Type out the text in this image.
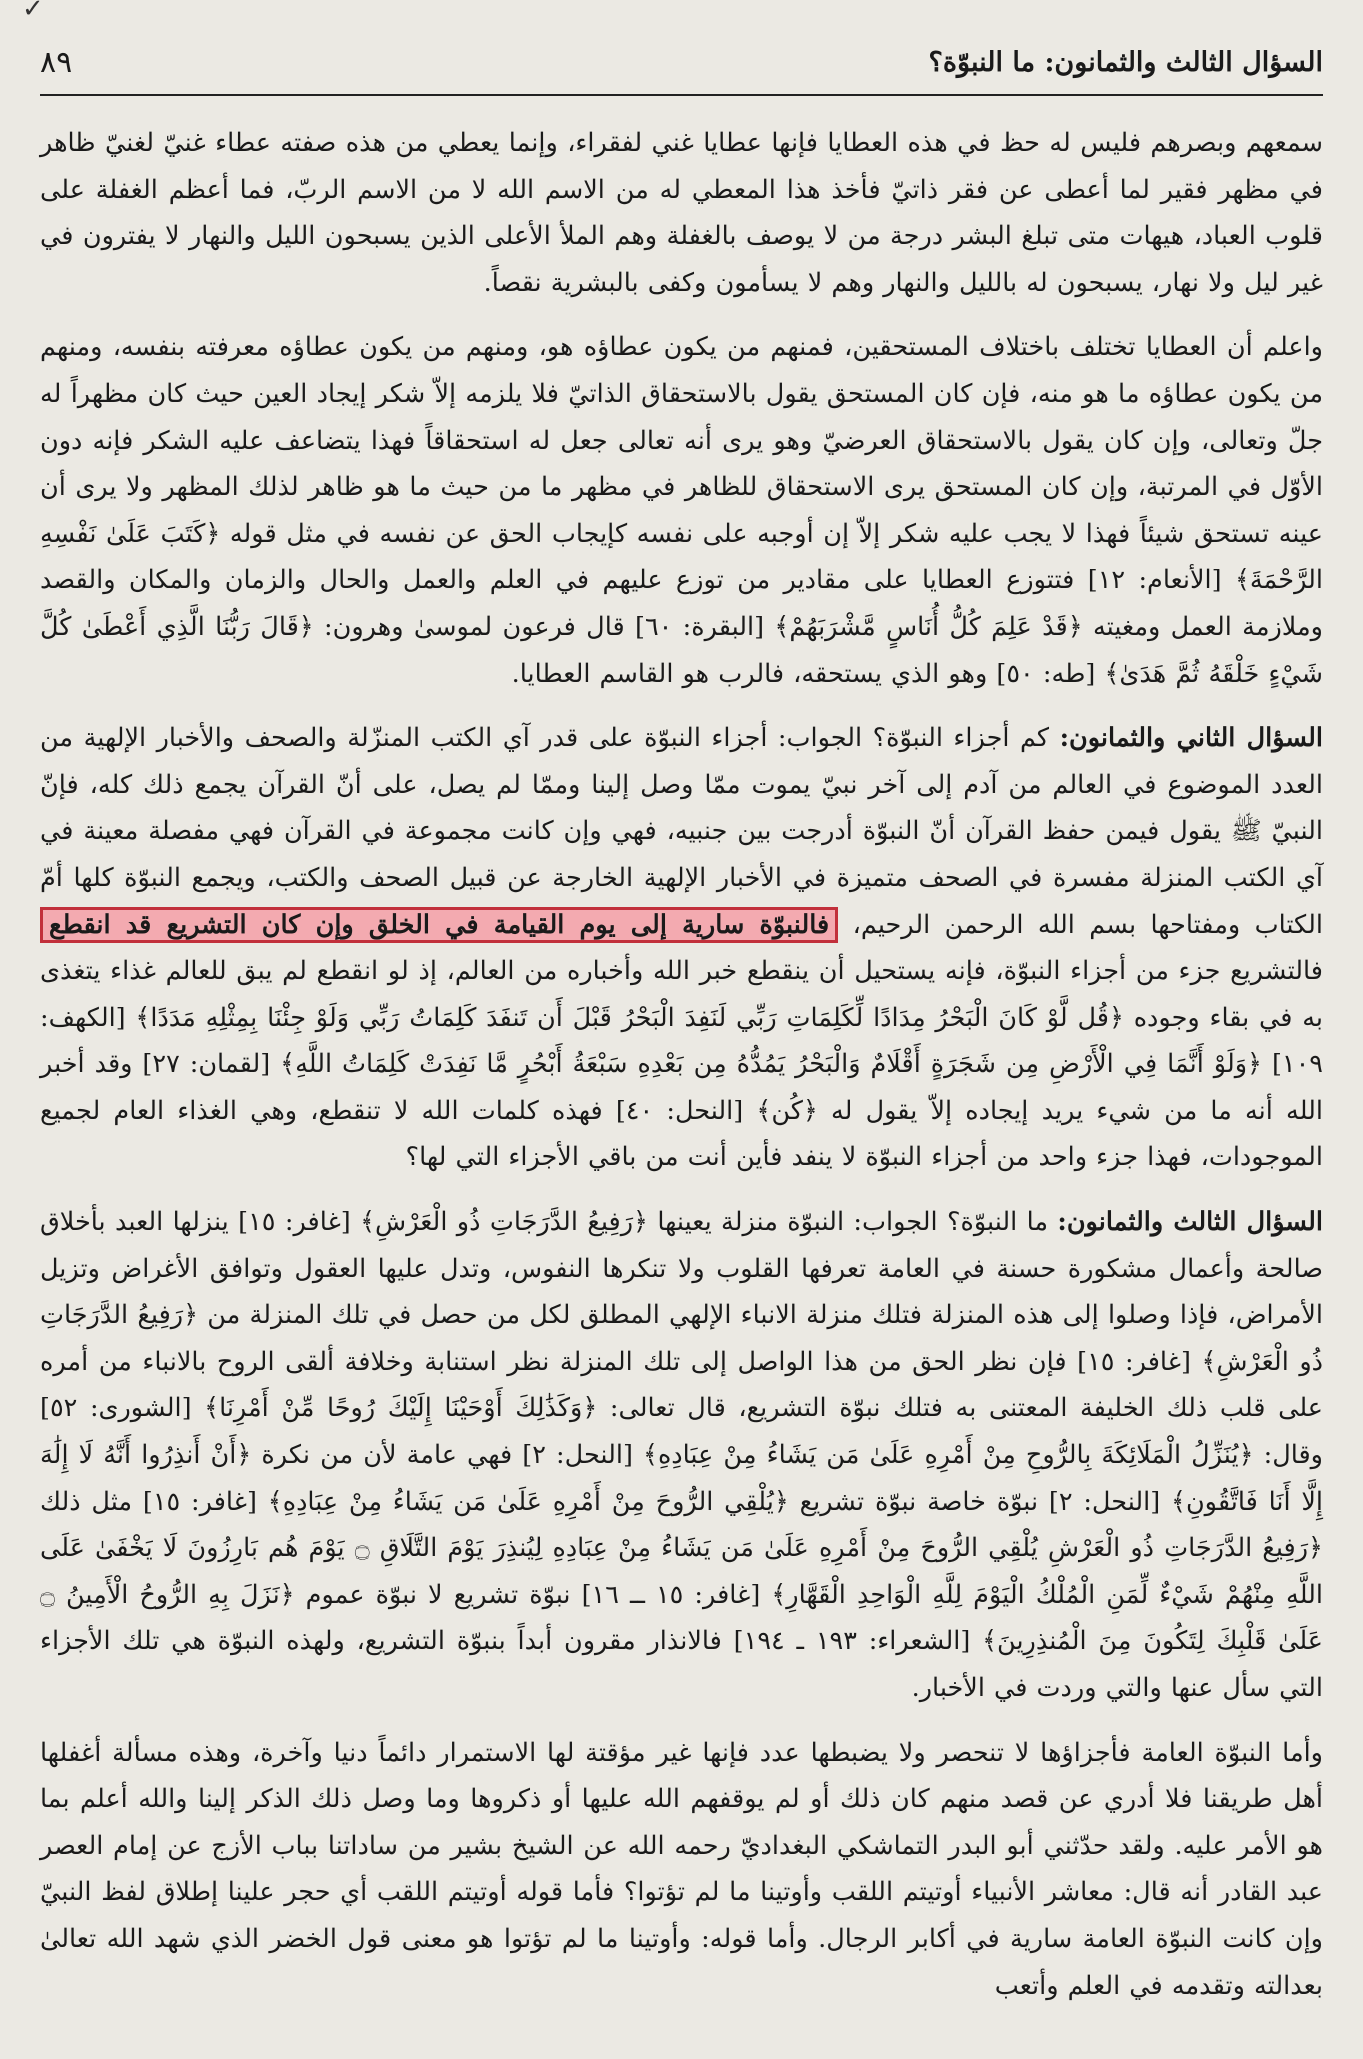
✓
السؤال الثالث والثمانون: ما النبوّة؟
٨٩

سمعهم وبصرهم فليس له حظ في هذه العطايا فإنها عطايا غني لفقراء، وإنما يعطي من هذه صفته عطاء غنيّ لغنيّ ظاهر في مظهر فقير لما أعطى عن فقر ذاتيّ فأخذ هذا المعطي له من الاسم الله لا من الاسم الربّ، فما أعظم الغفلة على قلوب العباد، هيهات متى تبلغ البشر درجة من لا يوصف بالغفلة وهم الملأ الأعلى الذين يسبحون الليل والنهار لا يفترون في غير ليل ولا نهار، يسبحون له بالليل والنهار وهم لا يسأمون وكفى بالبشرية نقصاً.

واعلم أن العطايا تختلف باختلاف المستحقين، فمنهم من يكون عطاؤه هو، ومنهم من يكون عطاؤه معرفته بنفسه، ومنهم من يكون عطاؤه ما هو منه، فإن كان المستحق يقول بالاستحقاق الذاتيّ فلا يلزمه إلاّ شكر إيجاد العين حيث كان مظهراً له جلّ وتعالى، وإن كان يقول بالاستحقاق العرضيّ وهو يرى أنه تعالى جعل له استحقاقاً فهذا يتضاعف عليه الشكر فإنه دون الأوّل في المرتبة، وإن كان المستحق يرى الاستحقاق للظاهر في مظهر ما من حيث ما هو ظاهر لذلك المظهر ولا يرى أن عينه تستحق شيئاً فهذا لا يجب عليه شكر إلاّ إن أوجبه على نفسه كإيجاب الحق عن نفسه في مثل قوله ﴿كَتَبَ عَلَىٰ نَفْسِهِ الرَّحْمَةَ﴾ [الأنعام: ١٢] فتتوزع العطايا على مقادير من توزع عليهم في العلم والعمل والحال والزمان والمكان والقصد وملازمة العمل ومغيته ﴿قَدْ عَلِمَ كُلُّ أُنَاسٍ مَّشْرَبَهُمْ﴾ [البقرة: ٦٠] قال فرعون لموسىٰ وهرون: ﴿قَالَ رَبُّنَا الَّذِي أَعْطَىٰ كُلَّ شَيْءٍ خَلْقَهُ ثُمَّ هَدَىٰ﴾ [طه: ٥٠] وهو الذي يستحقه، فالرب هو القاسم العطايا.

السؤال الثاني والثمانون: كم أجزاء النبوّة؟ الجواب: أجزاء النبوّة على قدر آي الكتب المنزّلة والصحف والأخبار الإلهية من العدد الموضوع في العالم من آدم إلى آخر نبيّ يموت ممّا وصل إلينا وممّا لم يصل، على أنّ القرآن يجمع ذلك كله، فإنّ النبيّ ﷺ يقول فيمن حفظ القرآن أنّ النبوّة أدرجت بين جنبيه، فهي وإن كانت مجموعة في القرآن فهي مفصلة معينة في آي الكتب المنزلة مفسرة في الصحف متميزة في الأخبار الإلهية الخارجة عن قبيل الصحف والكتب، ويجمع النبوّة كلها أمّ الكتاب ومفتاحها بسم الله الرحمن الرحيم، فالنبوّة سارية إلى يوم القيامة في الخلق وإن كان التشريع قد انقطع فالتشريع جزء من أجزاء النبوّة، فإنه يستحيل أن ينقطع خبر الله وأخباره من العالم، إذ لو انقطع لم يبق للعالم غذاء يتغذى به في بقاء وجوده ﴿قُل لَّوْ كَانَ الْبَحْرُ مِدَادًا لِّكَلِمَاتِ رَبِّي لَنَفِدَ الْبَحْرُ قَبْلَ أَن تَنفَدَ كَلِمَاتُ رَبِّي وَلَوْ جِئْنَا بِمِثْلِهِ مَدَدًا﴾ [الكهف: ١٠٩] ﴿وَلَوْ أَنَّمَا فِي الْأَرْضِ مِن شَجَرَةٍ أَقْلَامٌ وَالْبَحْرُ يَمُدُّهُ مِن بَعْدِهِ سَبْعَةُ أَبْحُرٍ مَّا نَفِدَتْ كَلِمَاتُ اللَّهِ﴾ [لقمان: ٢٧] وقد أخبر الله أنه ما من شيء يريد إيجاده إلاّ يقول له ﴿كُن﴾ [النحل: ٤٠] فهذه كلمات الله لا تنقطع، وهي الغذاء العام لجميع الموجودات، فهذا جزء واحد من أجزاء النبوّة لا ينفد فأين أنت من باقي الأجزاء التي لها؟

السؤال الثالث والثمانون: ما النبوّة؟ الجواب: النبوّة منزلة يعينها ﴿رَفِيعُ الدَّرَجَاتِ ذُو الْعَرْشِ﴾ [غافر: ١٥] ينزلها العبد بأخلاق صالحة وأعمال مشكورة حسنة في العامة تعرفها القلوب ولا تنكرها النفوس، وتدل عليها العقول وتوافق الأغراض وتزيل الأمراض، فإذا وصلوا إلى هذه المنزلة فتلك منزلة الانباء الإلهي المطلق لكل من حصل في تلك المنزلة من ﴿رَفِيعُ الدَّرَجَاتِ ذُو الْعَرْشِ﴾ [غافر: ١٥] فإن نظر الحق من هذا الواصل إلى تلك المنزلة نظر استنابة وخلافة ألقى الروح بالانباء من أمره على قلب ذلك الخليفة المعتنى به فتلك نبوّة التشريع، قال تعالى: ﴿وَكَذَٰلِكَ أَوْحَيْنَا إِلَيْكَ رُوحًا مِّنْ أَمْرِنَا﴾ [الشورى: ٥٢] وقال: ﴿يُنَزِّلُ الْمَلَائِكَةَ بِالرُّوحِ مِنْ أَمْرِهِ عَلَىٰ مَن يَشَاءُ مِنْ عِبَادِهِ﴾ [النحل: ٢] فهي عامة لأن من نكرة ﴿أَنْ أَنذِرُوا أَنَّهُ لَا إِلَٰهَ إِلَّا أَنَا فَاتَّقُونِ﴾ [النحل: ٢] نبوّة خاصة نبوّة تشريع ﴿يُلْقِي الرُّوحَ مِنْ أَمْرِهِ عَلَىٰ مَن يَشَاءُ مِنْ عِبَادِهِ﴾ [غافر: ١٥] مثل ذلك ﴿رَفِيعُ الدَّرَجَاتِ ذُو الْعَرْشِ يُلْقِي الرُّوحَ مِنْ أَمْرِهِ عَلَىٰ مَن يَشَاءُ مِنْ عِبَادِهِ لِيُنذِرَ يَوْمَ التَّلَاقِ ۝ يَوْمَ هُم بَارِزُونَ لَا يَخْفَىٰ عَلَى اللَّهِ مِنْهُمْ شَيْءٌ لِّمَنِ الْمُلْكُ الْيَوْمَ لِلَّهِ الْوَاحِدِ الْقَهَّارِ﴾ [غافر: ١٥ ــ ١٦] نبوّة تشريع لا نبوّة عموم ﴿نَزَلَ بِهِ الرُّوحُ الْأَمِينُ ۝ عَلَىٰ قَلْبِكَ لِتَكُونَ مِنَ الْمُنذِرِينَ﴾ [الشعراء: ١٩٣ ـ ١٩٤] فالانذار مقرون أبداً بنبوّة التشريع، ولهذه النبوّة هي تلك الأجزاء التي سأل عنها والتي وردت في الأخبار.

وأما النبوّة العامة فأجزاؤها لا تنحصر ولا يضبطها عدد فإنها غير مؤقتة لها الاستمرار دائماً دنيا وآخرة، وهذه مسألة أغفلها أهل طريقنا فلا أدري عن قصد منهم كان ذلك أو لم يوقفهم الله عليها أو ذكروها وما وصل ذلك الذكر إلينا والله أعلم بما هو الأمر عليه. ولقد حدّثني أبو البدر التماشكي البغداديّ رحمه الله عن الشيخ بشير من ساداتنا بباب الأزج عن إمام العصر عبد القادر أنه قال: معاشر الأنبياء أوتيتم اللقب وأوتينا ما لم تؤتوا؟ فأما قوله أوتيتم اللقب أي حجر علينا إطلاق لفظ النبيّ وإن كانت النبوّة العامة سارية في أكابر الرجال. وأما قوله: وأوتينا ما لم تؤتوا هو معنى قول الخضر الذي شهد الله تعالىٰ بعدالته وتقدمه في العلم وأتعب
